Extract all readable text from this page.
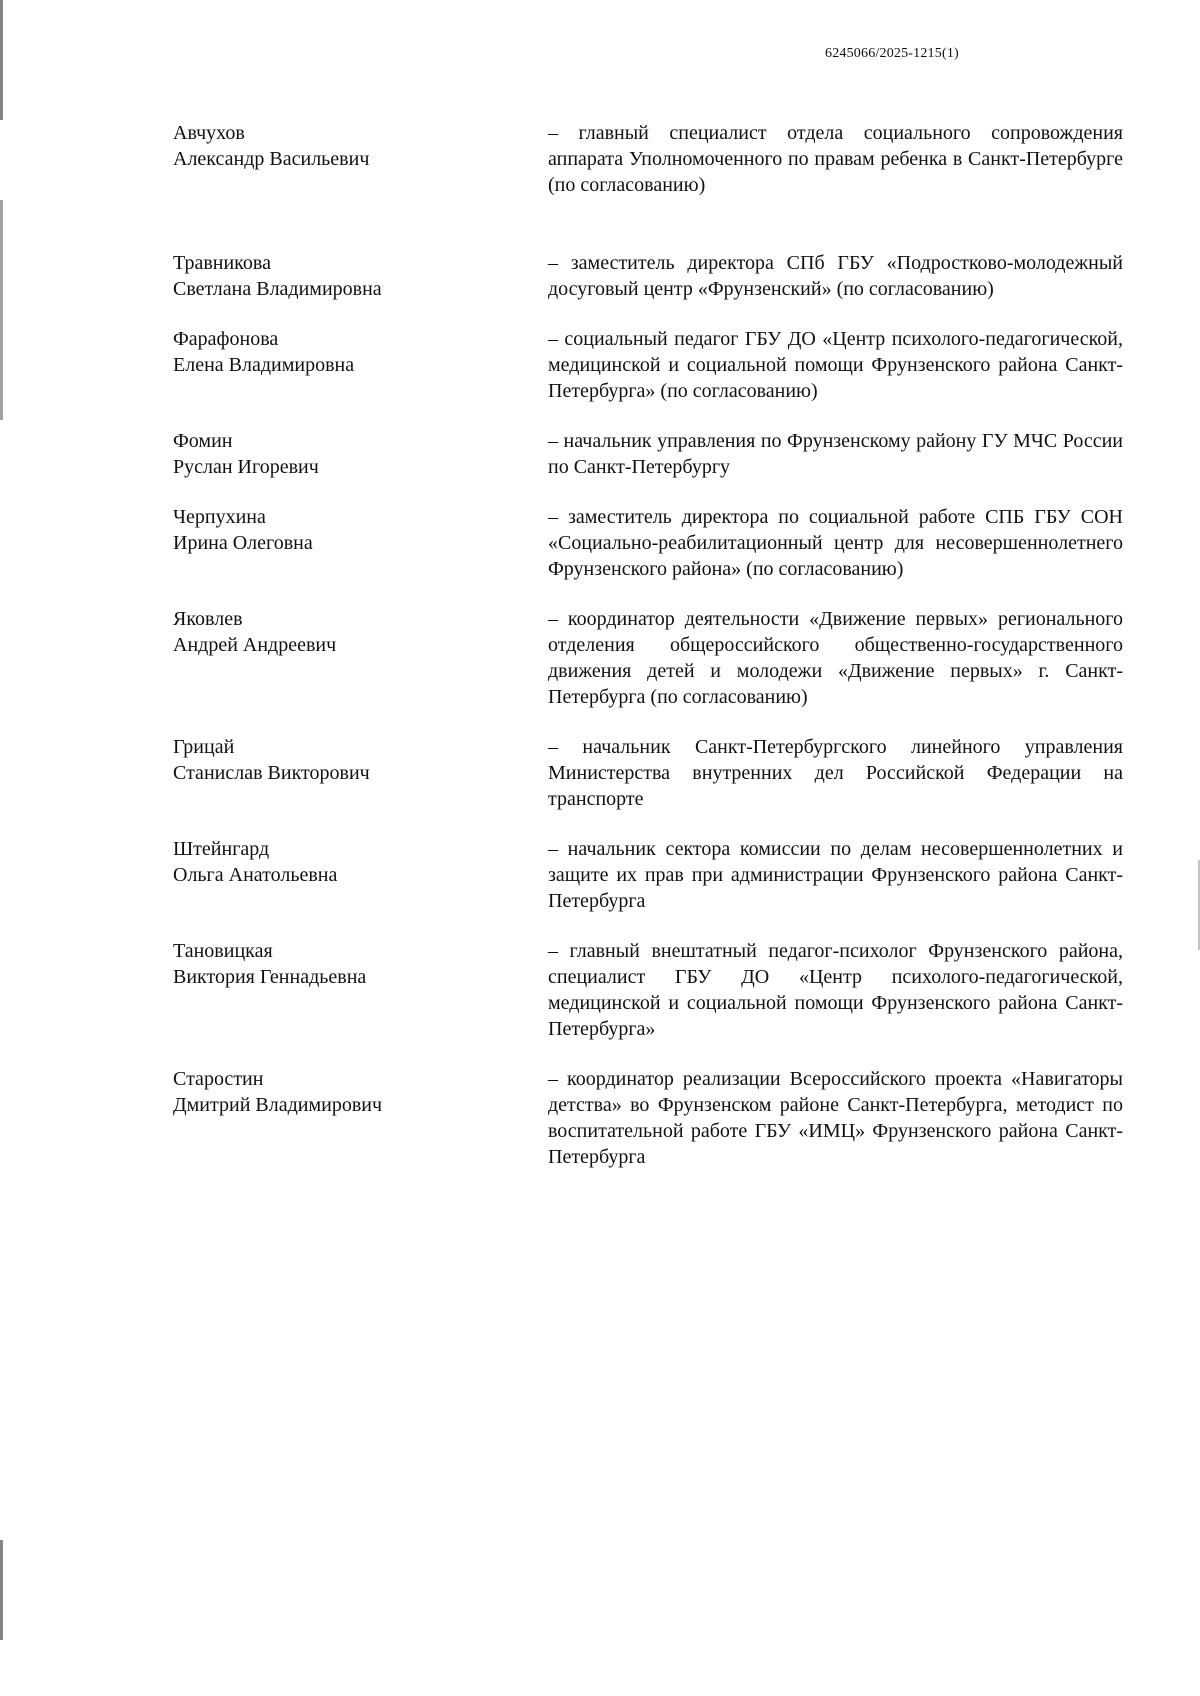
6245066/2025-1215(1)
Авчухов
Александр Васильевич
– главный специалист отдела социального сопровождения аппарата Уполномоченного по правам ребенка в Санкт-Петербурге (по согласованию)
Травникова
Светлана Владимировна
– заместитель директора СПб ГБУ «Подростково-молодежный досуговый центр «Фрунзенский» (по согласованию)
Фарафонова
Елена Владимировна
– социальный педагог ГБУ ДО «Центр психолого-педагогической, медицинской и социальной помощи Фрунзенского района Санкт-Петербурга» (по согласованию)
Фомин
Руслан Игоревич
– начальник управления по Фрунзенскому району ГУ МЧС России по Санкт-Петербургу
Черпухина
Ирина Олеговна
– заместитель директора по социальной работе СПБ ГБУ СОН «Социально-реабилитационный центр для несовершеннолетнего Фрунзенского района» (по согласованию)
Яковлев
Андрей Андреевич
– координатор деятельности «Движение первых» регионального отделения общероссийского общественно-государственного движения детей и молодежи «Движение первых» г. Санкт-Петербурга (по согласованию)
Грицай
Станислав Викторович
– начальник Санкт-Петербургского линейного управления Министерства внутренних дел Российской Федерации на транспорте
Штейнгард
Ольга Анатольевна
– начальник сектора комиссии по делам несовершеннолетних и защите их прав при администрации Фрунзенского района Санкт-Петербурга
Тановицкая
Виктория Геннадьевна
– главный внештатный педагог-психолог Фрунзенского района, специалист ГБУ ДО «Центр психолого-педагогической, медицинской и социальной помощи Фрунзенского района Санкт-Петербурга»
Старостин
Дмитрий Владимирович
– координатор реализации Всероссийского проекта «Навигаторы детства» во Фрунзенском районе Санкт-Петербурга, методист по воспитательной работе ГБУ «ИМЦ» Фрунзенского района Санкт-Петербурга
